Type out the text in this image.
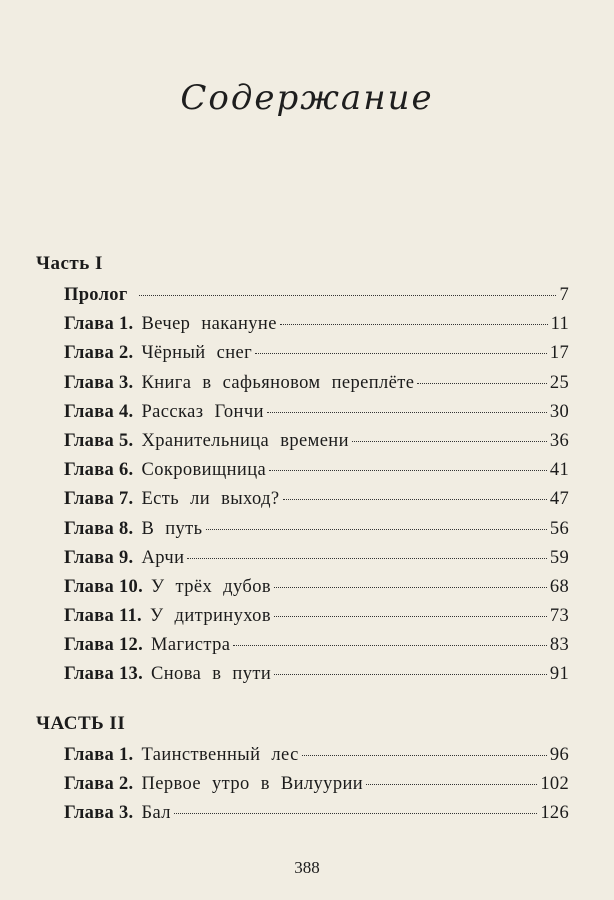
Содержание
Часть I
Пролог	7
Глава 1. Вечер накануне	11
Глава 2. Чёрный снег	17
Глава 3. Книга в сафьяновом переплёте	25
Глава 4. Рассказ Гончи	30
Глава 5. Хранительница времени	36
Глава 6. Сокровищница	41
Глава 7. Есть ли выход?	47
Глава 8. В путь	56
Глава 9. Арчи	59
Глава 10. У трёх дубов	68
Глава 11. У дитринухов	73
Глава 12. Магистра	83
Глава 13. Снова в пути	91
ЧАСТЬ II
Глава 1. Таинственный лес	96
Глава 2. Первое утро в Вилуурии	102
Глава 3. Бал	126
388
